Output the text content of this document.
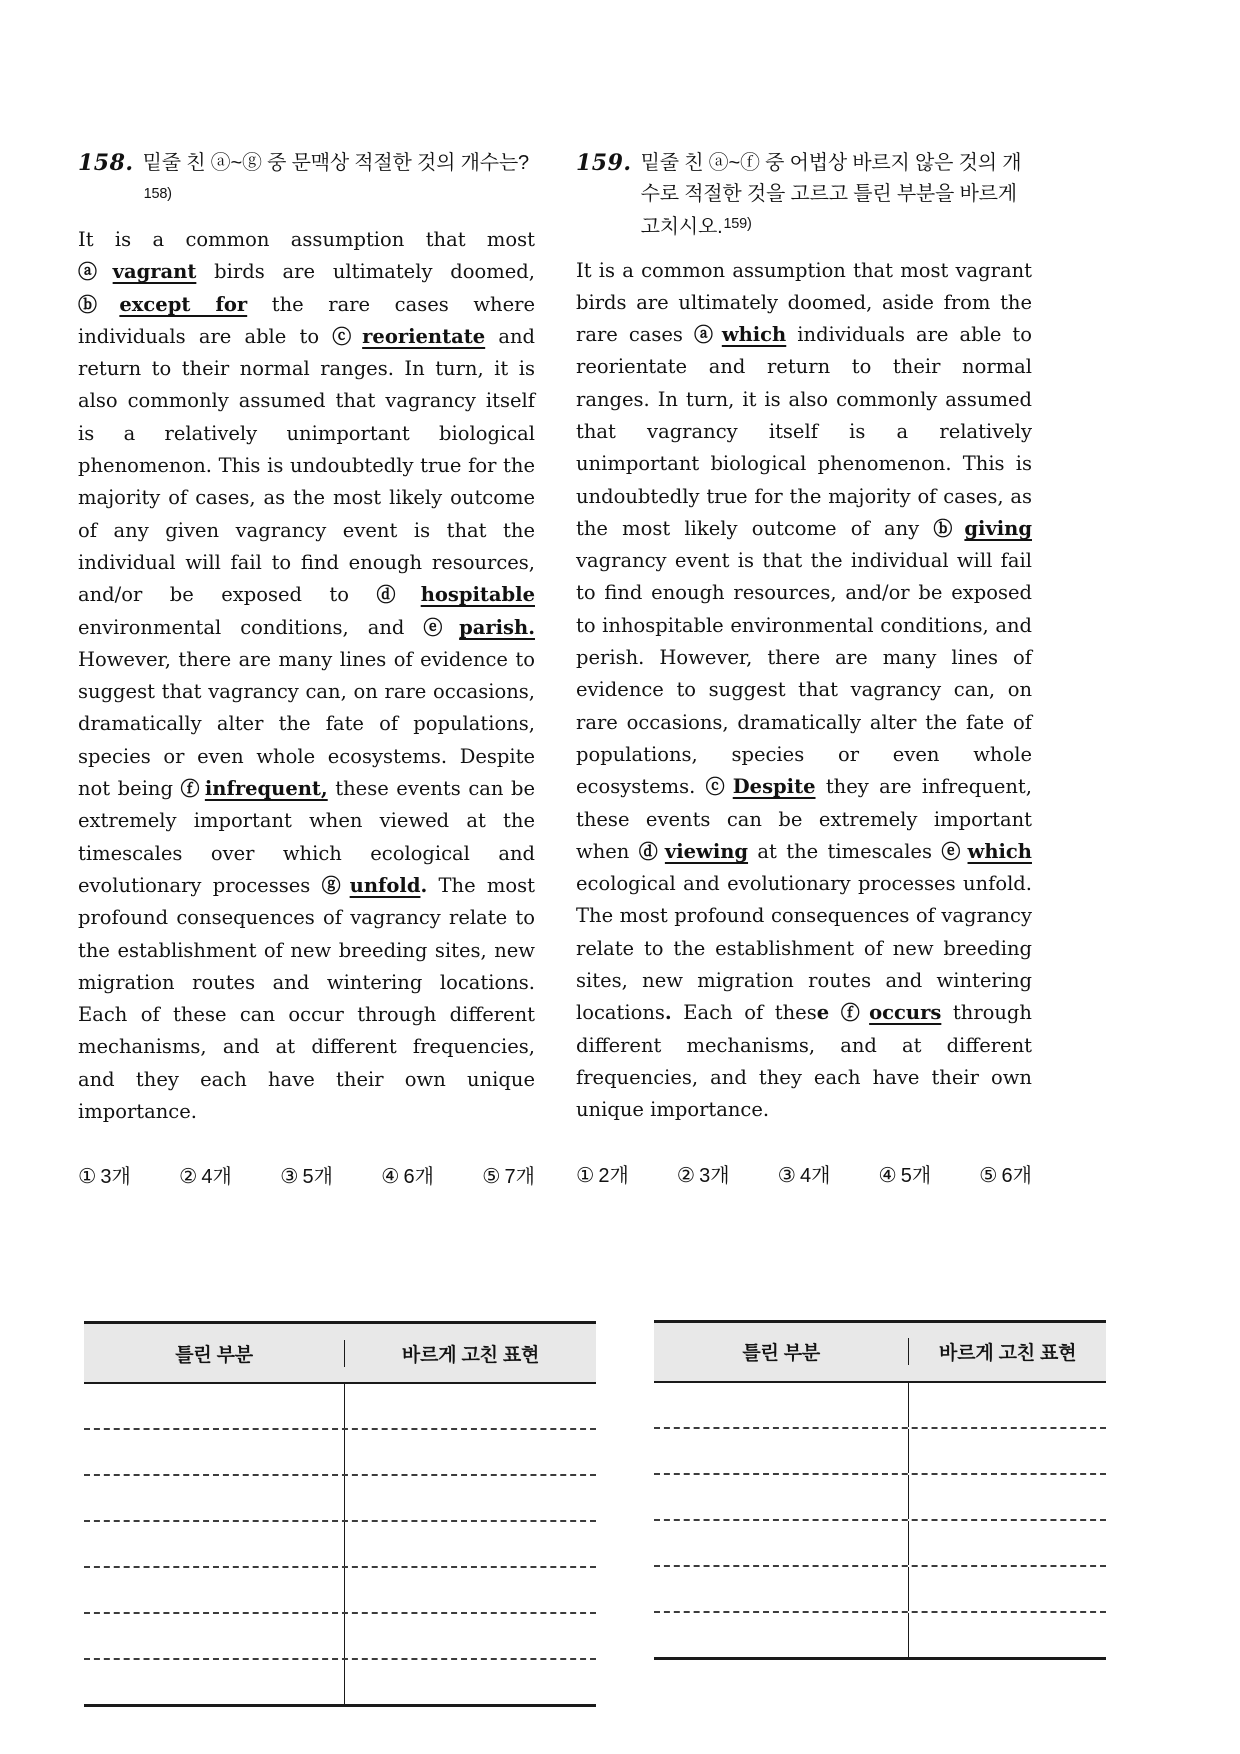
158. 밑줄 친 ⓐ~ⓖ 중 문맥상 적절한 것의 개수는?$^{158)}$

It is a common assumption that most ⓐ vagrant birds are ultimately doomed, ⓑ except for the rare cases where individuals are able to ⓒ reorientate and return to their normal ranges. In turn, it is also commonly assumed that vagrancy itself is a relatively unimportant biological phenomenon. This is undoubtedly true for the majority of cases, as the most likely outcome of any given vagrancy event is that the individual will fail to find enough resources, and/or be exposed to ⓓ hospitable environmental conditions, and ⓔ parish. However, there are many lines of evidence to suggest that vagrancy can, on rare occasions, dramatically alter the fate of populations, species or even whole ecosystems. Despite not being ⓕ infrequent, these events can be extremely important when viewed at the timescales over which ecological and evolutionary processes ⓖ unfold. The most profound consequences of vagrancy relate to the establishment of new breeding sites, new migration routes and wintering locations. Each of these can occur through different mechanisms, and at different frequencies, and they each have their own unique importance.

① 3개 ② 4개 ③ 5개 ④ 6개 ⑤ 7개
틀린 부분	바르게 고친 표현
159. 밑줄 친 ⓐ~ⓕ 중 어법상 바르지 않은 것의 개수로 적절한 것을 고르고 틀린 부분을 바르게 고치시오.$^{159)}$

It is a common assumption that most vagrant birds are ultimately doomed, aside from the rare cases ⓐ which individuals are able to reorientate and return to their normal ranges. In turn, it is also commonly assumed that vagrancy itself is a relatively unimportant biological phenomenon. This is undoubtedly true for the majority of cases, as the most likely outcome of any ⓑ giving vagrancy event is that the individual will fail to find enough resources, and/or be exposed to inhospitable environmental conditions, and perish. However, there are many lines of evidence to suggest that vagrancy can, on rare occasions, dramatically alter the fate of populations, species or even whole ecosystems. ⓒ Despite they are infrequent, these events can be extremely important when ⓓ viewing at the timescales ⓔ which ecological and evolutionary processes unfold. The most profound consequences of vagrancy relate to the establishment of new breeding sites, new migration routes and wintering locations. Each of these ⓕ occurs through different mechanisms, and at different frequencies, and they each have their own unique importance.

① 2개 ② 3개 ③ 4개 ④ 5개 ⑤ 6개
틀린 부분	바르게 고친 표현
